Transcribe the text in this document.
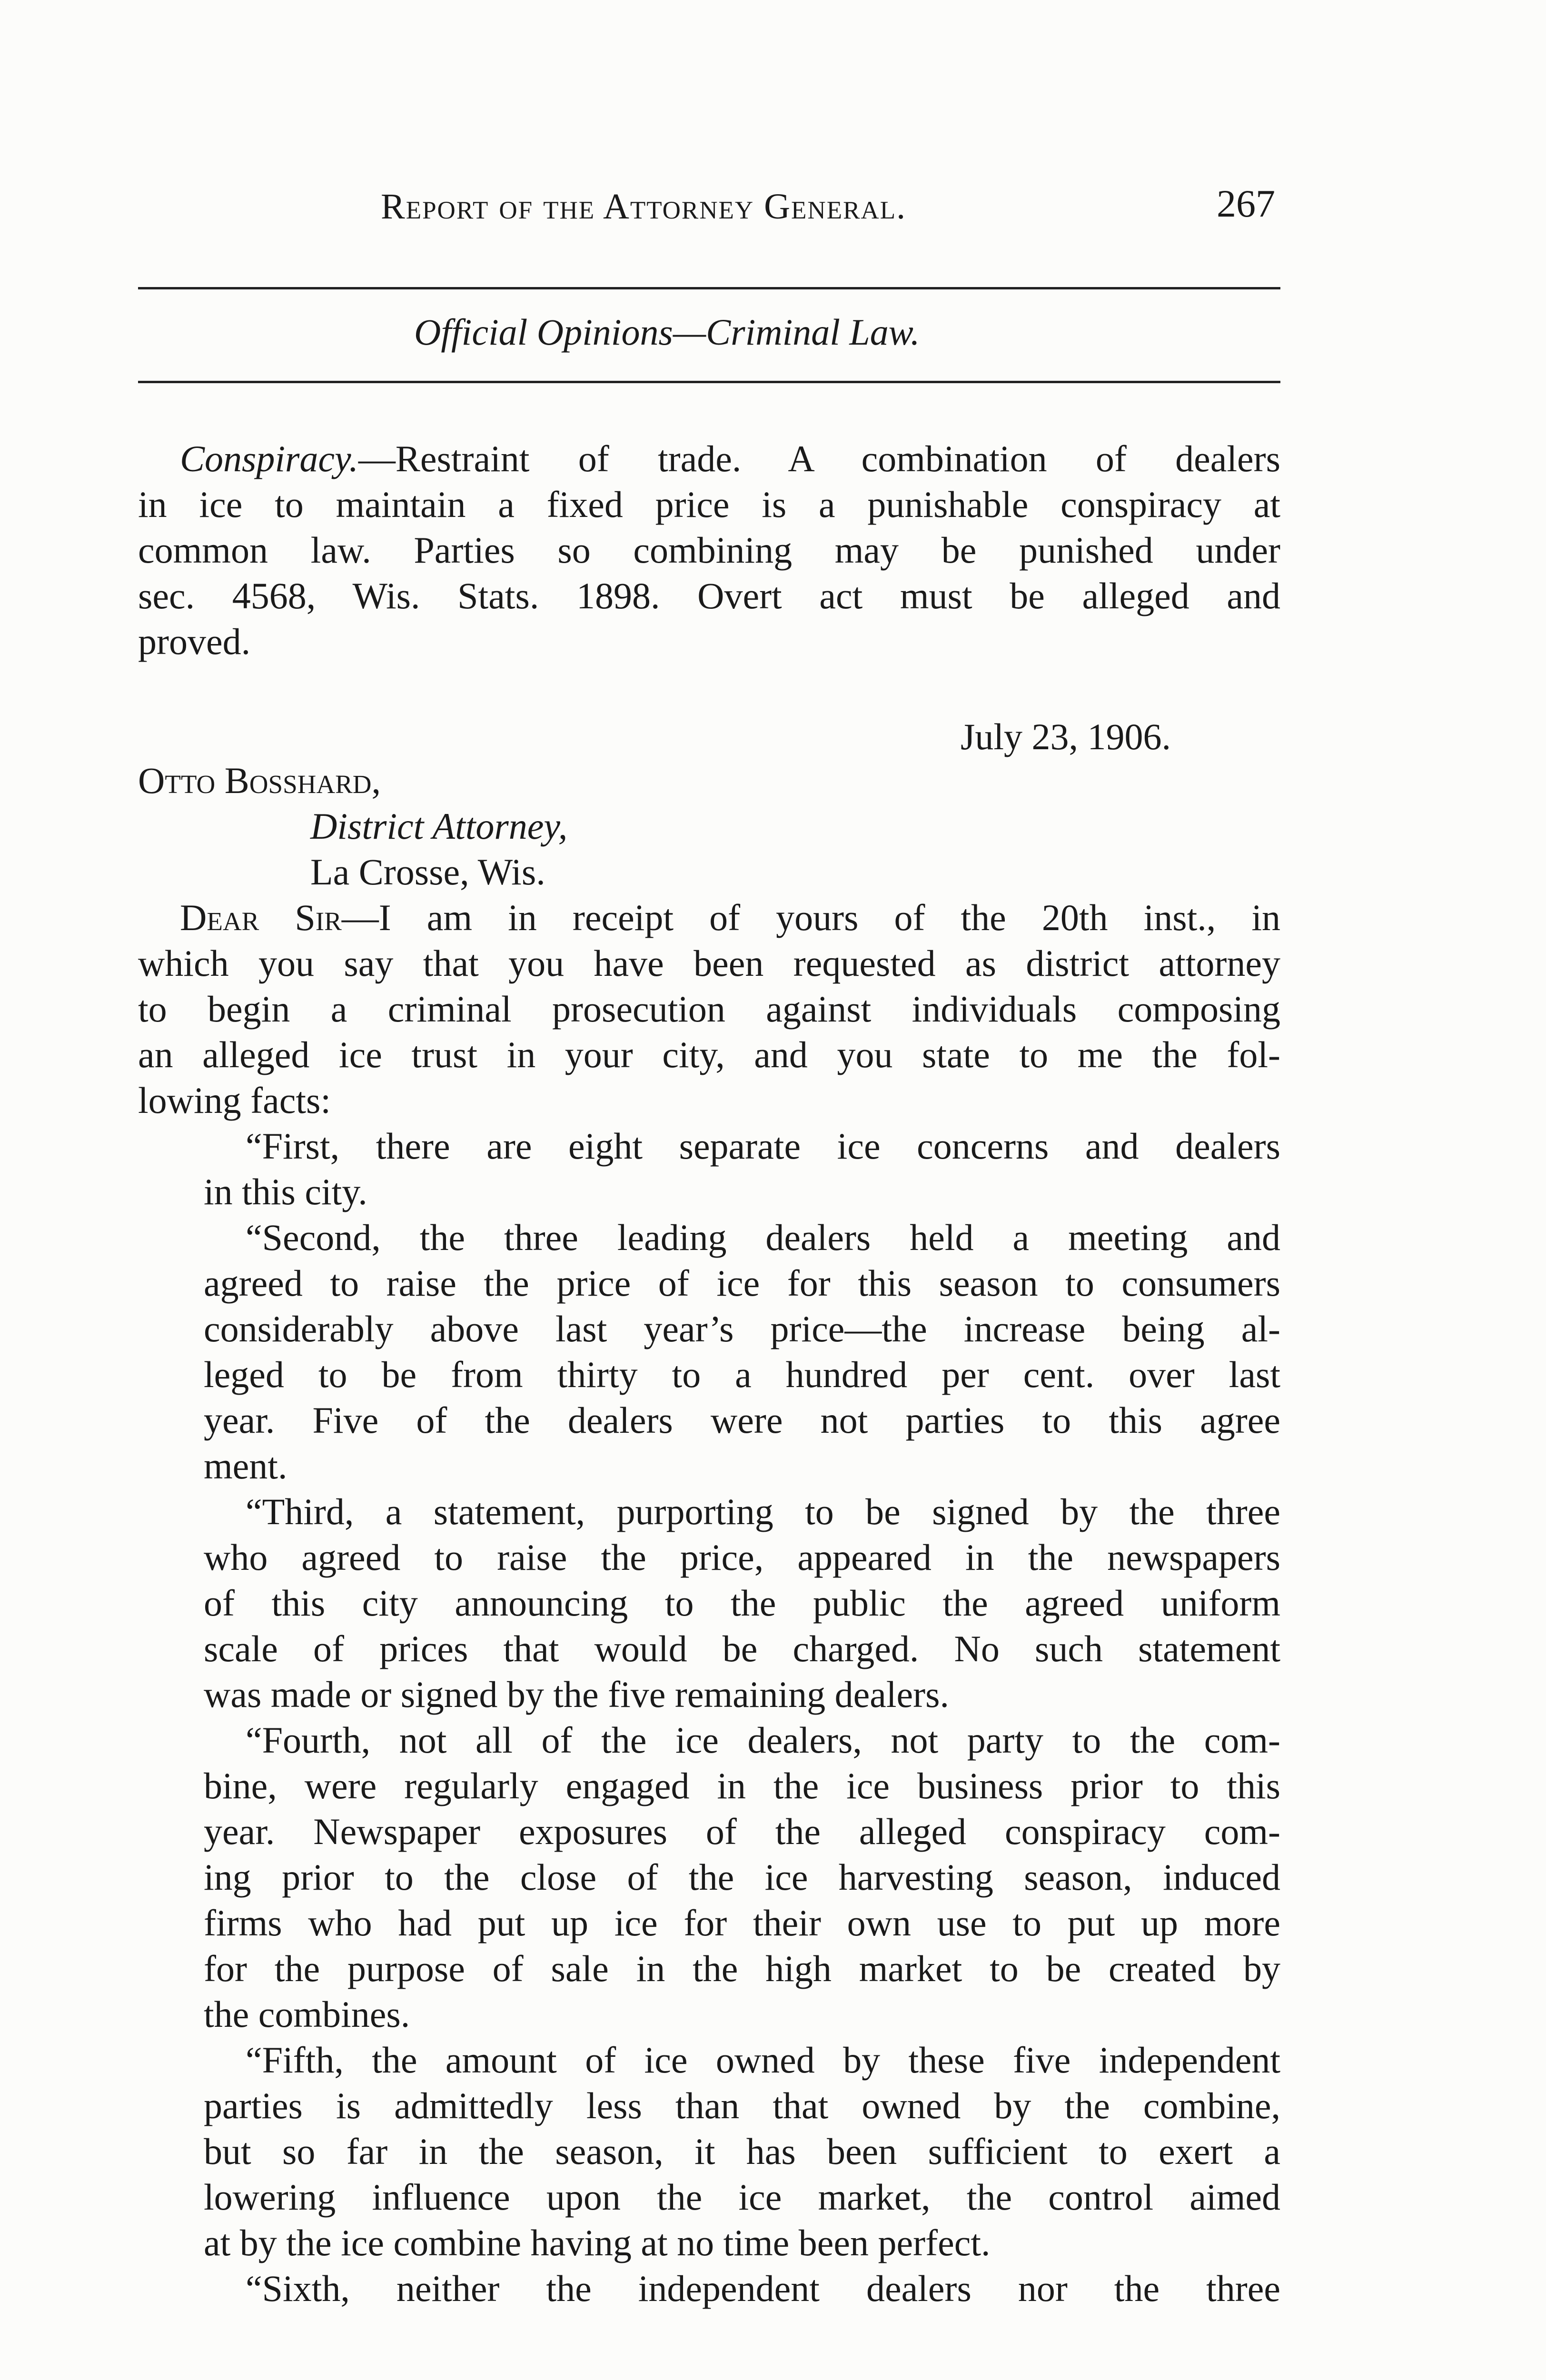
Report of the Attorney General.	267
Official Opinions—Criminal Law.
Conspiracy.—Restraint of trade. A combination of dealers
in ice to maintain a fixed price is a punishable conspiracy at
common law. Parties so combining may be punished under
sec. 4568, Wis. Stats. 1898. Overt act must be alleged and
proved.
July 23, 1906.
Otto Bosshard,
District Attorney,
La Crosse, Wis.
Dear Sir—I am in receipt of yours of the 20th inst., in
which you say that you have been requested as district attorney
to begin a criminal prosecution against individuals composing
an alleged ice trust in your city, and you state to me the fol-
lowing facts:
“First, there are eight separate ice concerns and dealers
in this city.
“Second, the three leading dealers held a meeting and
agreed to raise the price of ice for this season to consumers
considerably above last year’s price—the increase being al-
leged to be from thirty to a hundred per cent. over last
year. Five of the dealers were not parties to this agree
ment.
“Third, a statement, purporting to be signed by the three
who agreed to raise the price, appeared in the newspapers
of this city announcing to the public the agreed uniform
scale of prices that would be charged. No such statement
was made or signed by the five remaining dealers.
“Fourth, not all of the ice dealers, not party to the com-
bine, were regularly engaged in the ice business prior to this
year. Newspaper exposures of the alleged conspiracy com-
ing prior to the close of the ice harvesting season, induced
firms who had put up ice for their own use to put up more
for the purpose of sale in the high market to be created by
the combines.
“Fifth, the amount of ice owned by these five independent
parties is admittedly less than that owned by the combine,
but so far in the season, it has been sufficient to exert a
lowering influence upon the ice market, the control aimed
at by the ice combine having at no time been perfect.
“Sixth, neither the independent dealers nor the three
